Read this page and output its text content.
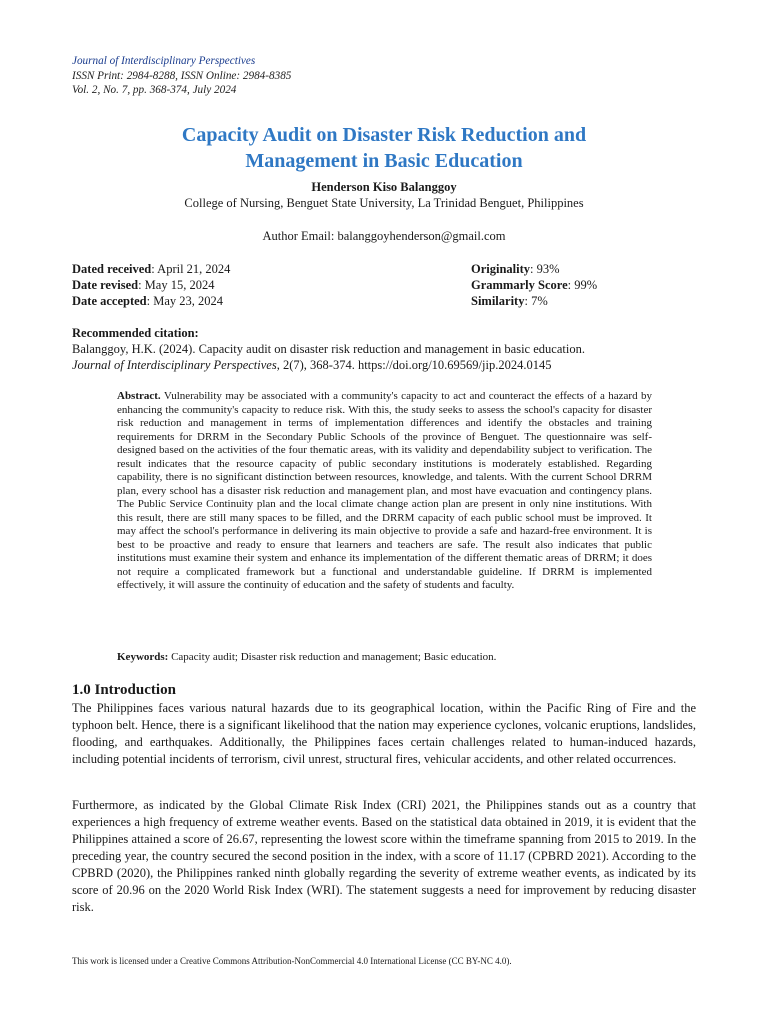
Journal of Interdisciplinary Perspectives
ISSN Print: 2984-8288, ISSN Online: 2984-8385
Vol. 2, No. 7, pp. 368-374, July 2024
Capacity Audit on Disaster Risk Reduction and
Management in Basic Education
Henderson Kiso Balanggoy
College of Nursing, Benguet State University, La Trinidad Benguet, Philippines
Author Email: balanggoyhenderson@gmail.com
Dated received: April 21, 2024
Date revised: May 15, 2024
Date accepted: May 23, 2024
Originality: 93%
Grammarly Score: 99%
Similarity: 7%
Recommended citation:
Balanggoy, H.K. (2024). Capacity audit on disaster risk reduction and management in basic education.
Journal of Interdisciplinary Perspectives, 2(7), 368-374. https://doi.org/10.69569/jip.2024.0145

Abstract. Vulnerability may be associated with a community's capacity to act and counteract the effects of a hazard by enhancing the community's capacity to reduce risk. With this, the study seeks to assess the school's capacity for disaster risk reduction and management in terms of implementation differences and identify the obstacles and training requirements for DRRM in the Secondary Public Schools of the province of Benguet. The questionnaire was self-designed based on the activities of the four thematic areas, with its validity and dependability subject to verification. The result indicates that the resource capacity of public secondary institutions is moderately established. Regarding capability, there is no significant distinction between resources, knowledge, and talents. With the current School DRRM plan, every school has a disaster risk reduction and management plan, and most have evacuation and contingency plans. The Public Service Continuity plan and the local climate change action plan are present in only nine institutions. With this result, there are still many spaces to be filled, and the DRRM capacity of each public school must be improved. It may affect the school's performance in delivering its main objective to provide a safe and hazard-free environment. It is best to be proactive and ready to ensure that learners and teachers are safe. The result also indicates that public institutions must examine their system and enhance its implementation of the different thematic areas of DRRM; it does not require a complicated framework but a functional and understandable guideline. If DRRM is implemented effectively, it will assure the continuity of education and the safety of students and faculty.

Keywords: Capacity audit; Disaster risk reduction and management; Basic education.
1.0 Introduction

The Philippines faces various natural hazards due to its geographical location, within the Pacific Ring of Fire and the typhoon belt. Hence, there is a significant likelihood that the nation may experience cyclones, volcanic eruptions, landslides, flooding, and earthquakes. Additionally, the Philippines faces certain challenges related to human-induced hazards, including potential incidents of terrorism, civil unrest, structural fires, vehicular accidents, and other related occurrences.

Furthermore, as indicated by the Global Climate Risk Index (CRI) 2021, the Philippines stands out as a country that experiences a high frequency of extreme weather events. Based on the statistical data obtained in 2019, it is evident that the Philippines attained a score of 26.67, representing the lowest score within the timeframe spanning from 2015 to 2019. In the preceding year, the country secured the second position in the index, with a score of 11.17 (CPBRD 2021). According to the CPBRD (2020), the Philippines ranked ninth globally regarding the severity of extreme weather events, as indicated by its score of 20.96 on the 2020 World Risk Index (WRI). The statement suggests a need for improvement by reducing disaster risk.

This work is licensed under a Creative Commons Attribution-NonCommercial 4.0 International License (CC BY-NC 4.0).
